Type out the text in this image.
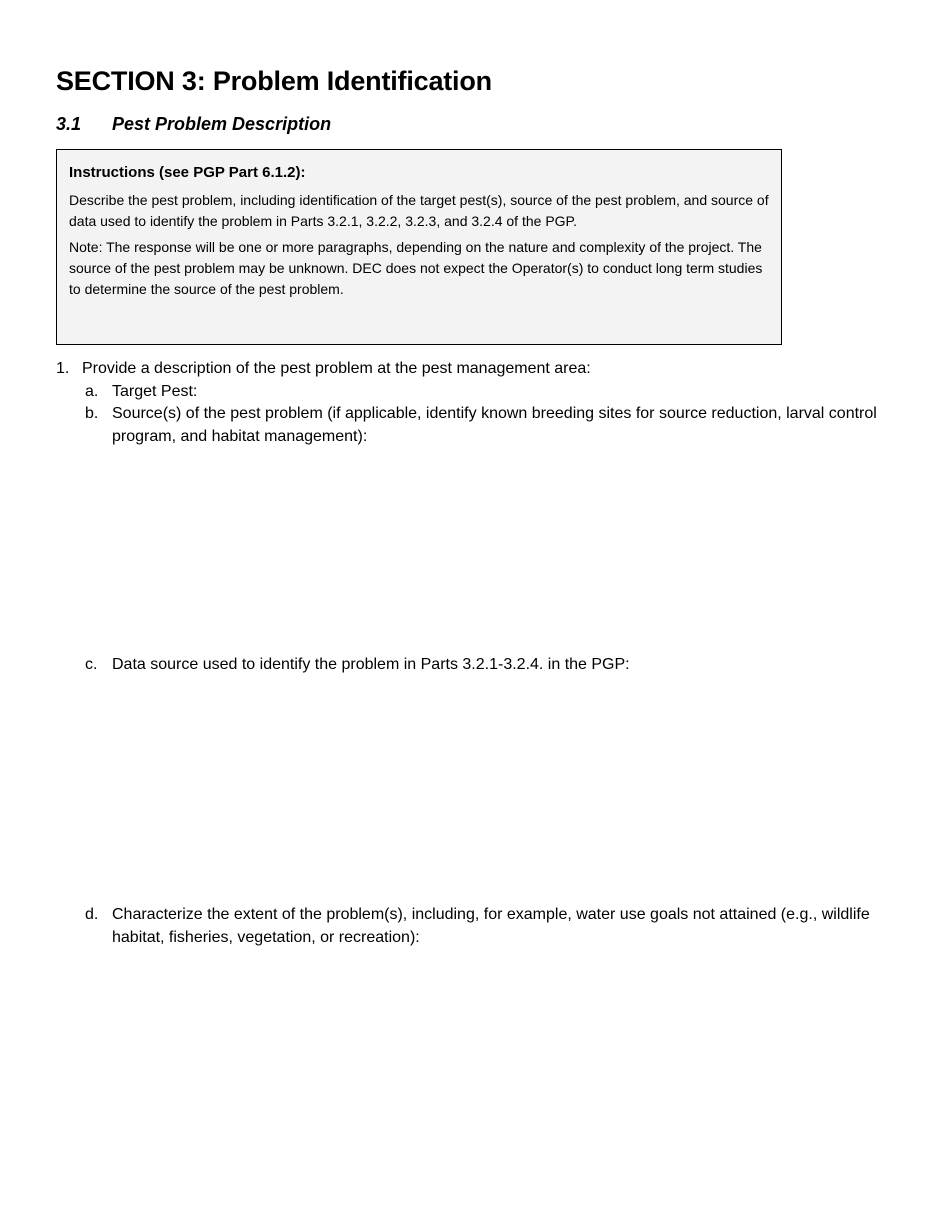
SECTION 3: Problem Identification
3.1 Pest Problem Description
Instructions (see PGP Part 6.1.2):

Describe the pest problem, including identification of the target pest(s), source of the pest problem, and source of data used to identify the problem in Parts 3.2.1, 3.2.2, 3.2.3, and 3.2.4 of the PGP.

Note: The response will be one or more paragraphs, depending on the nature and complexity of the project. The source of the pest problem may be unknown. DEC does not expect the Operator(s) to conduct long term studies to determine the source of the pest problem.

1. Provide a description of the pest problem at the pest management area:
a. Target Pest:
b. Source(s) of the pest problem (if applicable, identify known breeding sites for source reduction, larval control program, and habitat management):
c. Data source used to identify the problem in Parts 3.2.1-3.2.4. in the PGP:
d. Characterize the extent of the problem(s), including, for example, water use goals not attained (e.g., wildlife habitat, fisheries, vegetation, or recreation):
